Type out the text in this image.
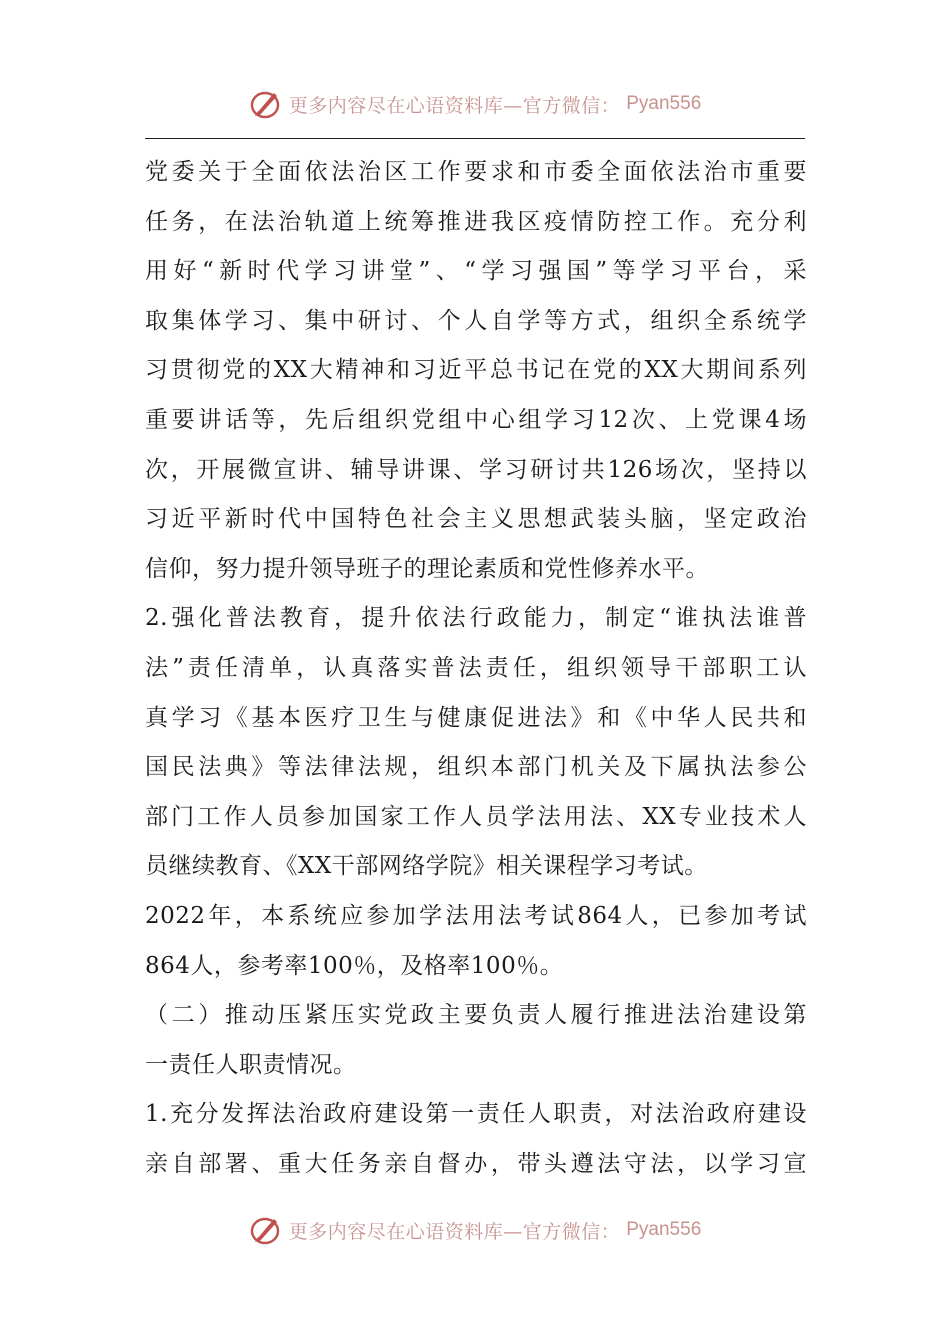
更多内容尽在心语资料库—官方微信： Pyan556
党委关于全面依法治区工作要求和市委全面依法治市重要
任务，在法治轨道上统筹推进我区疫情防控工作。充分利
用好“新时代学习讲堂”、“学习强国”等学习平台，采
取集体学习、集中研讨、个人自学等方式，组织全系统学
习贯彻党的XX大精神和习近平总书记在党的XX大期间系列
重要讲话等，先后组织党组中心组学习12次、上党课4场
次，开展微宣讲、辅导讲课、学习研讨共126场次，坚持以
习近平新时代中国特色社会主义思想武装头脑，坚定政治
信仰，努力提升领导班子的理论素质和党性修养水平。
2.强化普法教育，提升依法行政能力，制定“谁执法谁普
法”责任清单，认真落实普法责任，组织领导干部职工认
真学习《基本医疗卫生与健康促进法》和《中华人民共和
国民法典》等法律法规，组织本部门机关及下属执法参公
部门工作人员参加国家工作人员学法用法、XX专业技术人
员继续教育、《XX干部网络学院》相关课程学习考试。
2022年，本系统应参加学法用法考试864人，已参加考试
864人，参考率100％，及格率100％。
（二）推动压紧压实党政主要负责人履行推进法治建设第
一责任人职责情况。
1.充分发挥法治政府建设第一责任人职责，对法治政府建设
亲自部署、重大任务亲自督办，带头遵法守法，以学习宣
更多内容尽在心语资料库—官方微信： Pyan556
